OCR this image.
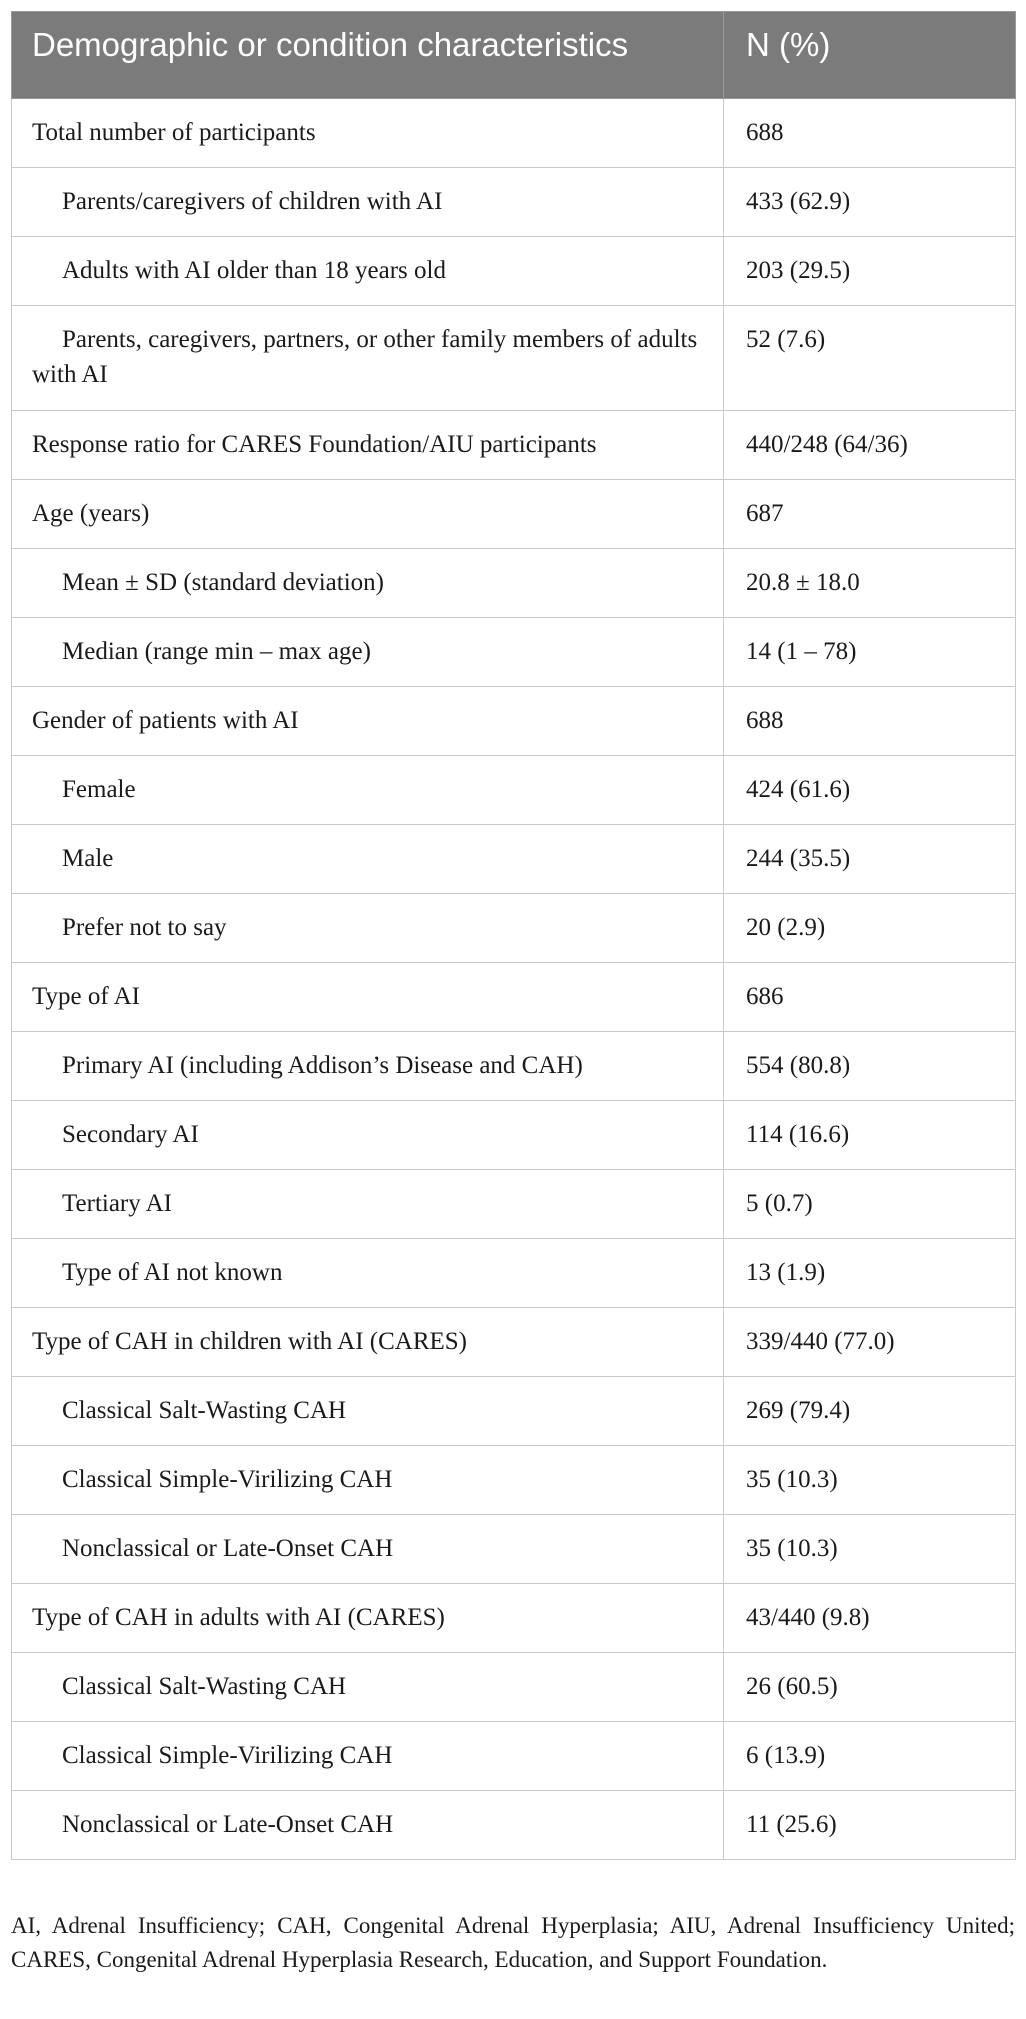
Demographic or condition characteristics	N (%)
Total number of participants	688
Parents/caregivers of children with AI	433 (62.9)
Adults with AI older than 18 years old	203 (29.5)
Parents, caregivers, partners, or other family members of adults with AI	52 (7.6)
Response ratio for CARES Foundation/AIU participants	440/248 (64/36)
Age (years)	687
Mean ± SD (standard deviation)	20.8 ± 18.0
Median (range min – max age)	14 (1 – 78)
Gender of patients with AI	688
Female	424 (61.6)
Male	244 (35.5)
Prefer not to say	20 (2.9)
Type of AI	686
Primary AI (including Addison’s Disease and CAH)	554 (80.8)
Secondary AI	114 (16.6)
Tertiary AI	5 (0.7)
Type of AI not known	13 (1.9)
Type of CAH in children with AI (CARES)	339/440 (77.0)
Classical Salt-Wasting CAH	269 (79.4)
Classical Simple-Virilizing CAH	35 (10.3)
Nonclassical or Late-Onset CAH	35 (10.3)
Type of CAH in adults with AI (CARES)	43/440 (9.8)
Classical Salt-Wasting CAH	26 (60.5)
Classical Simple-Virilizing CAH	6 (13.9)
Nonclassical or Late-Onset CAH	11 (25.6)
AI, Adrenal Insufficiency; CAH, Congenital Adrenal Hyperplasia; AIU, Adrenal Insufficiency United; CARES, Congenital Adrenal Hyperplasia Research, Education, and Support Foundation.
